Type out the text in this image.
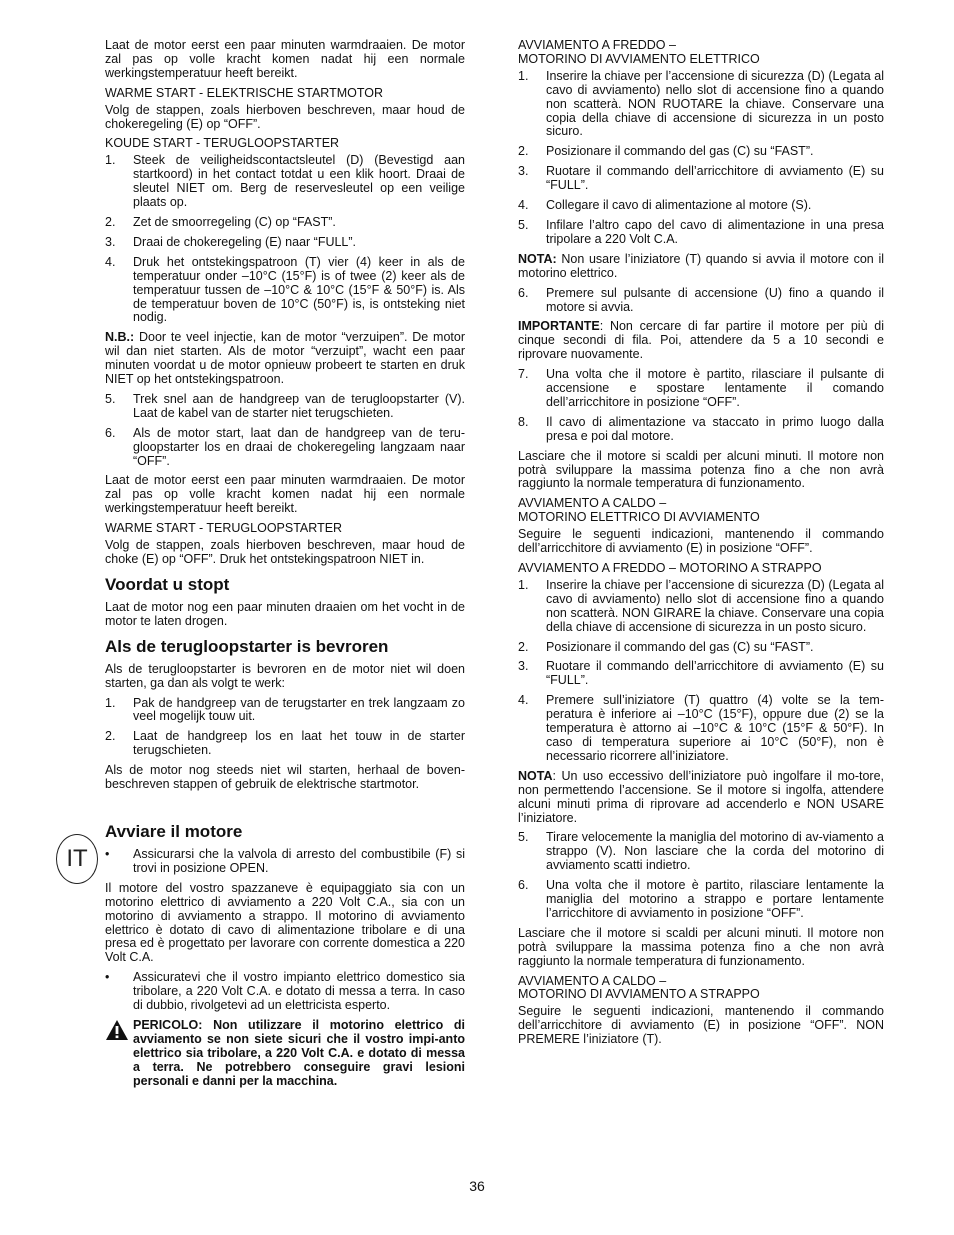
IT

Laat de motor eerst een paar minuten warmdraaien. De motor zal pas op volle kracht komen nadat hij een normale werkingstemperatuur heeft bereikt.

WARME START - ELEKTRISCHE STARTMOTOR

Volg de stappen, zoals hierboven beschreven, maar houd de chokeregeling (E) op “OFF”.

KOUDE START - TERUGLOOPSTARTER
1.	Steek de veiligheidscontactsleutel (D) (Bevestigd aan startkoord) in het contact totdat u een klik hoort. Draai de sleutel NIET om. Berg de reservesleutel op een veilige plaats op.
2.	Zet de smoorregeling (C) op “FAST”.
3.	Draai de chokeregeling (E) naar “FULL”.
4.	Druk het ontstekingspatroon (T) vier (4) keer in als de temperatuur onder –10°C (15°F) is of twee (2) keer als de temperatuur tussen de –10°C & 10°C (15°F & 50°F) is. Als de temperatuur boven de 10°C (50°F) is, is ontsteking niet nodig.

N.B.: Door te veel injectie, kan de motor “verzuipen”. De motor wil dan niet starten. Als de motor “verzuipt”, wacht een paar minuten voordat u de motor opnieuw probeert te starten en druk NIET op het ontstekingspatroon.

5.	Trek snel aan de handgreep van de terugloopstarter (V). Laat de kabel van de starter niet terugschieten.
6.	Als de motor start, laat dan de handgreep van de teru-gloopstarter los en draai de chokeregeling langzaam naar “OFF”.

Laat de motor eerst een paar minuten warmdraaien. De motor zal pas op volle kracht komen nadat hij een normale werkingstemperatuur heeft bereikt.

WARME START - TERUGLOOPSTARTER

Volg de stappen, zoals hierboven beschreven, maar houd de choke (E) op “OFF”. Druk het ontstekingspatroon NIET in.

Voordat u stopt

Laat de motor nog een paar minuten draaien om het vocht in de motor te laten drogen.

Als de terugloopstarter is bevroren

Als de terugloopstarter is bevroren en de motor niet wil doen starten, ga dan als volgt te werk:

1.	Pak de handgreep van de terugstarter en trek langzaam zo veel mogelijk touw uit.
2.	Laat de handgreep los en laat het touw in de starter terugschieten.

Als de motor nog steeds niet wil starten, herhaal de boven-beschreven stappen of gebruik de elektrische startmotor.

Avviare il motore
•	Assicurarsi che la valvola di arresto del combustibile (F) si trovi in posizione OPEN.

Il motore del vostro spazzaneve è equipaggiato sia con un motorino elettrico di avviamento a 220 Volt C.A., sia con un motorino di avviamento a strappo. Il motorino di avviamento elettrico è dotato di cavo di alimentazione tribolare e di una presa ed è progettato per lavorare con corrente domestica a 220 Volt C.A.

•	Assicuratevi che il vostro impianto elettrico domestico sia tribolare, a 220 Volt C.A. e dotato di messa a terra. In caso di dubbio, rivolgetevi ad un elettricista esperto.
PERICOLO: Non utilizzare il motorino elettrico di avviamento se non siete sicuri che il vostro impi-anto elettrico sia tribolare, a 220 Volt C.A. e dotato di messa a terra. Ne potrebbero conseguire gravi lesioni personali e danni per la macchina.
AVVIAMENTO A FREDDO –
MOTORINO DI AVVIAMENTO ELETTRICO
1.	Inserire la chiave per l’accensione di sicurezza (D) (Legata al cavo di avviamento) nello slot di accensione fino a quando non scatterà. NON RUOTARE la chiave. Conservare una copia della chiave di accensione di sicurezza in un posto sicuro.
2.	Posizionare il commando del gas (C) su “FAST”.
3.	Ruotare il commando dell’arricchitore di avviamento (E) su “FULL”.
4.	Collegare il cavo di alimentazione al motore (S).
5.	Infilare l’altro capo del cavo di alimentazione in una presa tripolare a 220 Volt C.A.

NOTA: Non usare l’iniziatore (T) quando si avvia il motore con il motorino elettrico.

6.	Premere sul pulsante di accensione (U) fino a quando il motore si avvia.

IMPORTANTE: Non cercare di far partire il motore per più di cinque secondi di fila. Poi, attendere da 5 a 10 secondi e riprovare nuovamente.

7.	Una volta che il motore è partito, rilasciare il pulsante di accensione e spostare lentamente il comando dell’arricchitore in posizione “OFF”.
8.	Il cavo di alimentazione va staccato in primo luogo dalla presa e poi dal motore.

Lasciare che il motore si scaldi per alcuni minuti. Il motore non potrà sviluppare la massima potenza fino a che non avrà raggiunto la normale temperatura di funzionamento.

AVVIAMENTO A CALDO –
MOTORINO ELETTRICO DI AVVIAMENTO

Seguire le seguenti indicazioni, mantenendo il commando dell’arricchitore di avviamento (E) in posizione “OFF”.

AVVIAMENTO A FREDDO – MOTORINO A STRAPPO
1.	Inserire la chiave per l’accensione di sicurezza (D) (Legata al cavo di avviamento) nello slot di accensione fino a quando non scatterà. NON GIRARE la chiave. Conservare una copia della chiave di accensione di sicurezza in un posto sicuro.
2.	Posizionare il commando del gas (C) su “FAST”.
3.	Ruotare il commando dell’arricchitore di avviamento (E) su “FULL”.
4.	Premere sull’iniziatore (T) quattro (4) volte se la tem-peratura è inferiore ai –10°C (15°F), oppure due (2) se la temperatura è attorno ai –10°C & 10°C (15°F & 50°F). In caso di temperatura superiore ai 10°C (50°F), non è necessario ricorrere all’iniziatore.

NOTA: Un uso eccessivo dell’iniziatore può ingolfare il mo-tore, non permettendo l’accensione. Se il motore si ingolfa, attendere alcuni minuti prima di riprovare ad accenderlo e NON USARE l’iniziatore.

5.	Tirare velocemente la maniglia del motorino di av-viamento a strappo (V). Non lasciare che la corda del motorino di avviamento scatti indietro.
6.	Una volta che il motore è partito, rilasciare lentamente la maniglia del motorino a strappo e portare lentamente l’arricchitore di avviamento in posizione “OFF”.

Lasciare che il motore si scaldi per alcuni minuti. Il motore non potrà sviluppare la massima potenza fino a che non avrà raggiunto la normale temperatura di funzionamento.

AVVIAMENTO A CALDO –
MOTORINO DI AVVIAMENTO A STRAPPO

Seguire le seguenti indicazioni, mantenendo il commando dell’arricchitore di avviamento (E) in posizione “OFF”. NON PREMERE l’iniziatore (T).

36
